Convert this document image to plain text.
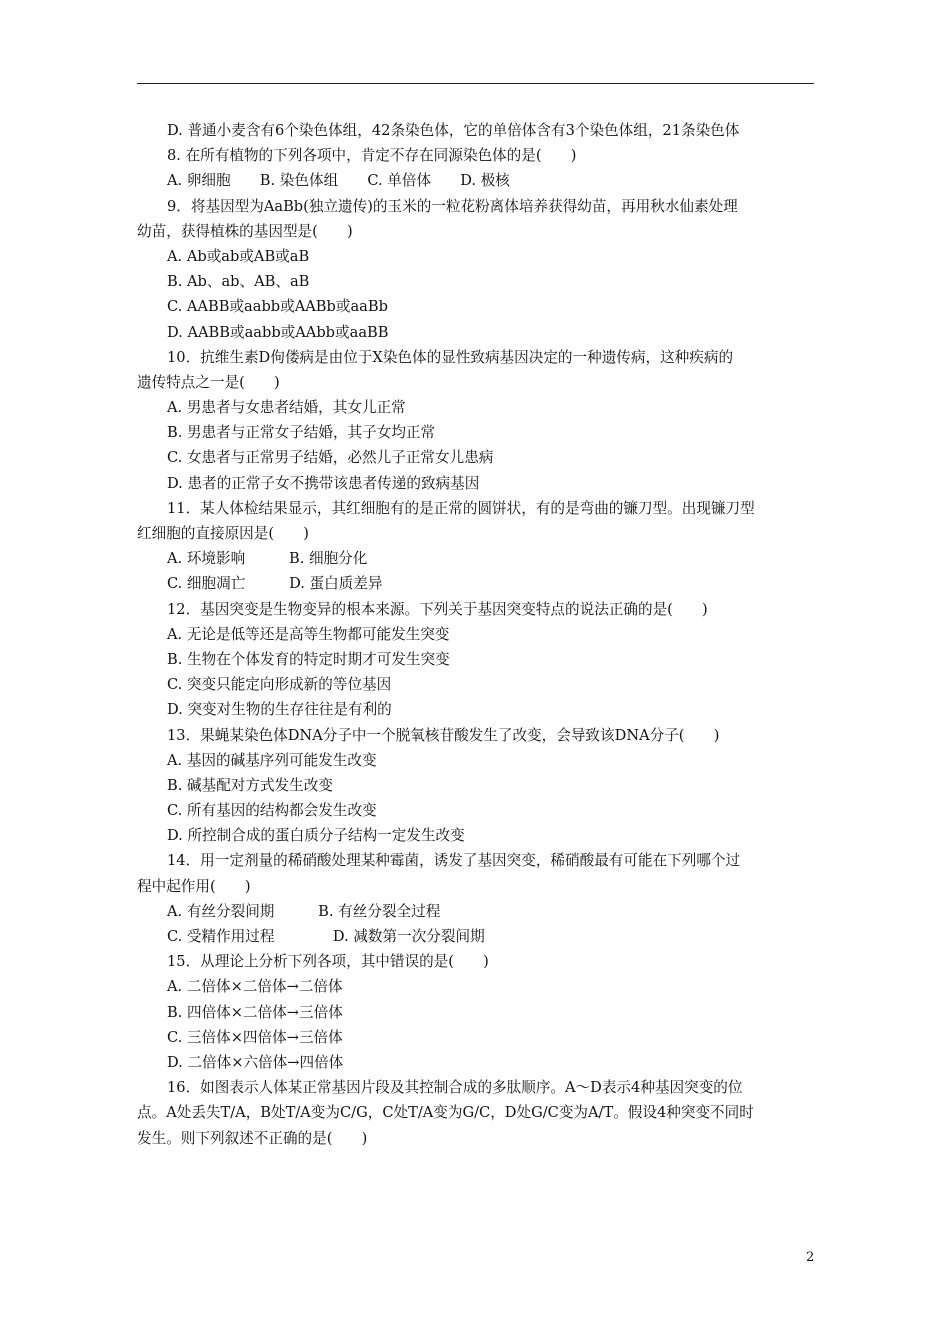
D. 普通小麦含有6个染色体组，42条染色体，它的单倍体含有3个染色体组，21条染色体
8. 在所有植物的下列各项中，肯定不存在同源染色体的是(　　)
A. 卵细胞　　B. 染色体组　　C. 单倍体　　D. 极核
9．将基因型为AaBb(独立遗传)的玉米的一粒花粉离体培养获得幼苗，再用秋水仙素处理
幼苗，获得植株的基因型是(　　)
A. Ab或ab或AB或aB
B. Ab、ab、AB、aB
C. AABB或aabb或AABb或aaBb
D. AABB或aabb或AAbb或aaBB
10．抗维生素D佝偻病是由位于X染色体的显性致病基因决定的一种遗传病，这种疾病的
遗传特点之一是(　　)
A. 男患者与女患者结婚，其女儿正常
B. 男患者与正常女子结婚，其子女均正常
C. 女患者与正常男子结婚，必然儿子正常女儿患病
D. 患者的正常子女不携带该患者传递的致病基因
11．某人体检结果显示，其红细胞有的是正常的圆饼状，有的是弯曲的镰刀型。出现镰刀型
红细胞的直接原因是(　　)
A. 环境影响　　　B. 细胞分化
C. 细胞凋亡　　　D. 蛋白质差异
12．基因突变是生物变异的根本来源。下列关于基因突变特点的说法正确的是(　　)
A. 无论是低等还是高等生物都可能发生突变
B. 生物在个体发育的特定时期才可发生突变
C. 突变只能定向形成新的等位基因
D. 突变对生物的生存往往是有利的
13．果蝇某染色体DNA分子中一个脱氧核苷酸发生了改变，会导致该DNA分子(　　)
A. 基因的碱基序列可能发生改变
B. 碱基配对方式发生改变
C. 所有基因的结构都会发生改变
D. 所控制合成的蛋白质分子结构一定发生改变
14．用一定剂量的稀硝酸处理某种霉菌，诱发了基因突变，稀硝酸最有可能在下列哪个过
程中起作用(　　)
A. 有丝分裂间期　　　B. 有丝分裂全过程
C. 受精作用过程　　　　D. 减数第一次分裂间期
15．从理论上分析下列各项，其中错误的是(　　)
A. 二倍体×二倍体→二倍体
B. 四倍体×二倍体→三倍体
C. 三倍体×四倍体→三倍体
D. 二倍体×六倍体→四倍体
16．如图表示人体某正常基因片段及其控制合成的多肽顺序。A～D表示4种基因突变的位
点。A处丢失T/A，B处T/A变为C/G，C处T/A变为G/C，D处G/C变为A/T。假设4种突变不同时
发生。则下列叙述不正确的是(　　)
2
